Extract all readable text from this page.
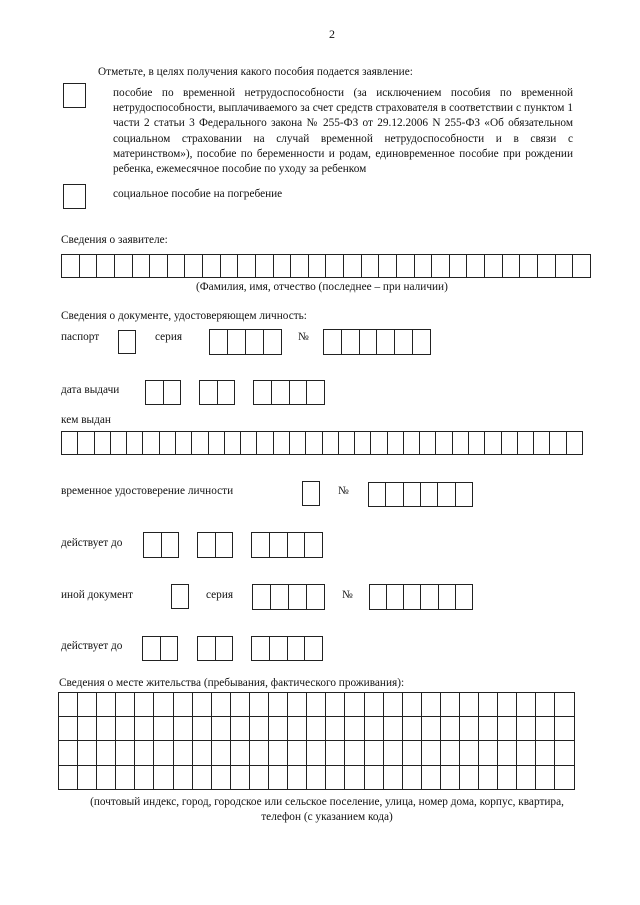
2
Отметьте, в целях получения какого пособия подается заявление:
пособие по временной нетрудоспособности (за исключением пособия по временной нетрудоспособности, выплачиваемого за счет средств страхователя в соответствии с пунктом 1 части 2 статьи 3 Федерального закона № 255-ФЗ от 29.12.2006 N 255-ФЗ «Об обязательном социальном страховании на случай временной нетрудоспособности и в связи с материнством»), пособие по беременности и родам, единовременное пособие при рождении ребенка, ежемесячное пособие по уходу за ребенком
социальное пособие на погребение
Сведения о заявителе:
(Фамилия, имя, отчество (последнее – при наличии)
Сведения о документе, удостоверяющем личность:
паспорт	серия	№
дата выдачи
кем выдан
временное удостоверение личности	№
действует до
иной документ	серия	№
действует до
Сведения о месте жительства (пребывания, фактического проживания):
(почтовый индекс, город, городское или сельское поселение, улица, номер дома, корпус, квартира,
телефон (с указанием кода)
